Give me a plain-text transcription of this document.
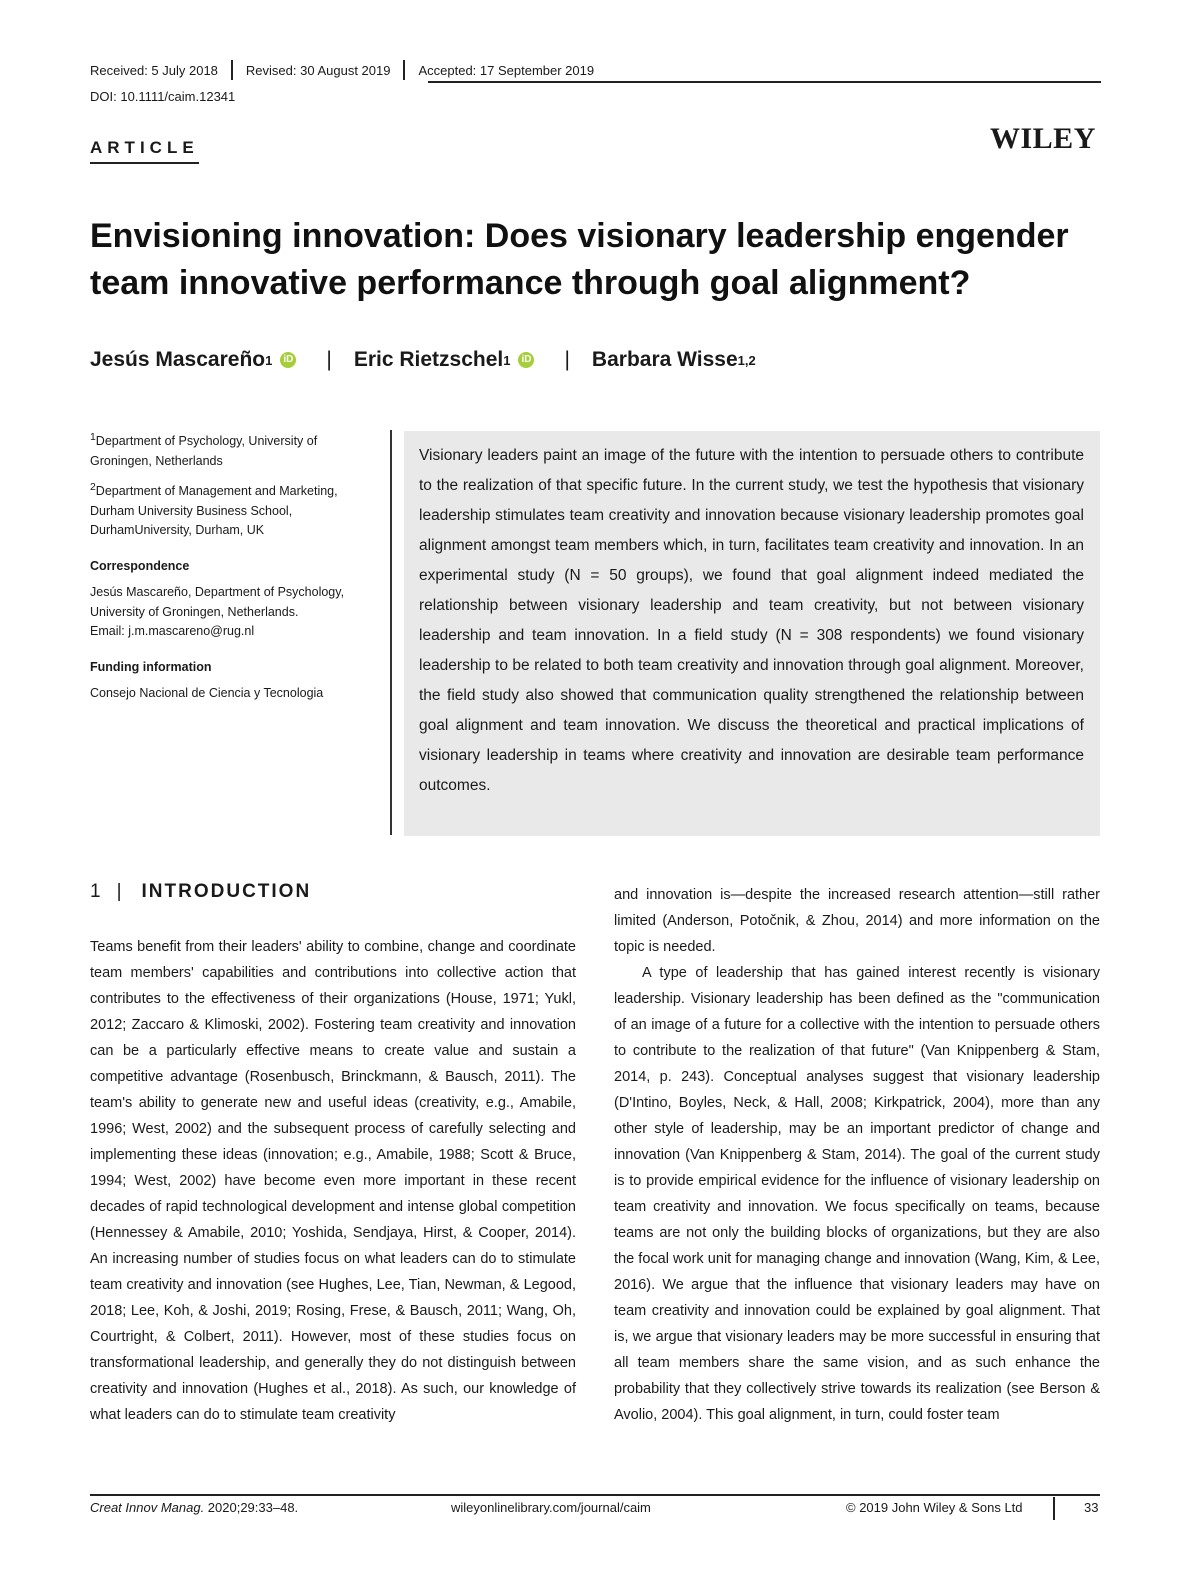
Received: 5 July 2018 Revised: 30 August 2019 Accepted: 17 September 2019
DOI: 10.1111/caim.12341
ARTICLE	WILEY
Envisioning innovation: Does visionary leadership engender team innovative performance through goal alignment?
Jesús Mascareño 1	iD | Eric Rietzschel 1	iD | Barbara Wisse 1,2

$^1$Department of Psychology, University of Groningen, Netherlands

$^2$Department of Management and Marketing, Durham University Business School, DurhamUniversity, Durham, UK

Correspondence

Jesús Mascareño, Department of Psychology, University of Groningen, Netherlands.

Email: j.m.mascareno@rug.nl

Funding information

Consejo Nacional de Ciencia y Tecnologia

Visionary leaders paint an image of the future with the intention to persuade others to contribute to the realization of that specific future. In the current study, we test the hypothesis that visionary leadership stimulates team creativity and innovation because visionary leadership promotes goal alignment amongst team members which, in turn, facilitates team creativity and innovation. In an experimental study (N = 50 groups), we found that goal alignment indeed mediated the relationship between visionary leadership and team creativity, but not between visionary leadership and team innovation. In a field study (N = 308 respondents) we found visionary leadership to be related to both team creativity and innovation through goal alignment. Moreover, the field study also showed that communication quality strengthened the relationship between goal alignment and team innovation. We discuss the theoretical and practical implications of visionary leadership in teams where creativity and innovation are desirable team performance outcomes.
1 | INTRODUCTION

Teams benefit from their leaders' ability to combine, change and coordinate team members' capabilities and contributions into collective action that contributes to the effectiveness of their organizations (House, 1971; Yukl, 2012; Zaccaro & Klimoski, 2002). Fostering team creativity and innovation can be a particularly effective means to create value and sustain a competitive advantage (Rosenbusch, Brinckmann, & Bausch, 2011). The team's ability to generate new and useful ideas (creativity, e.g., Amabile, 1996; West, 2002) and the subsequent process of carefully selecting and implementing these ideas (innovation; e.g., Amabile, 1988; Scott & Bruce, 1994; West, 2002) have become even more important in these recent decades of rapid technological development and intense global competition (Hennessey & Amabile, 2010; Yoshida, Sendjaya, Hirst, & Cooper, 2014). An increasing number of studies focus on what leaders can do to stimulate team creativity and innovation (see Hughes, Lee, Tian, Newman, & Legood, 2018; Lee, Koh, & Joshi, 2019; Rosing, Frese, & Bausch, 2011; Wang, Oh, Courtright, & Colbert, 2011). However, most of these studies focus on transformational leadership, and generally they do not distinguish between creativity and innovation (Hughes et al., 2018). As such, our knowledge of what leaders can do to stimulate team creativity

and innovation is—despite the increased research attention—still rather limited (Anderson, Potočnik, & Zhou, 2014) and more information on the topic is needed.

A type of leadership that has gained interest recently is visionary leadership. Visionary leadership has been defined as the "communication of an image of a future for a collective with the intention to persuade others to contribute to the realization of that future" (Van Knippenberg & Stam, 2014, p. 243). Conceptual analyses suggest that visionary leadership (D'Intino, Boyles, Neck, & Hall, 2008; Kirkpatrick, 2004), more than any other style of leadership, may be an important predictor of change and innovation (Van Knippenberg & Stam, 2014). The goal of the current study is to provide empirical evidence for the influence of visionary leadership on team creativity and innovation. We focus specifically on teams, because teams are not only the building blocks of organizations, but they are also the focal work unit for managing change and innovation (Wang, Kim, & Lee, 2016). We argue that the influence that visionary leaders may have on team creativity and innovation could be explained by goal alignment. That is, we argue that visionary leaders may be more successful in ensuring that all team members share the same vision, and as such enhance the probability that they collectively strive towards its realization (see Berson & Avolio, 2004). This goal alignment, in turn, could foster team

Creat Innov Manag. 2020;29:33–48.	wileyonlinelibrary.com/journal/caim	© 2019 John Wiley & Sons Ltd	33
